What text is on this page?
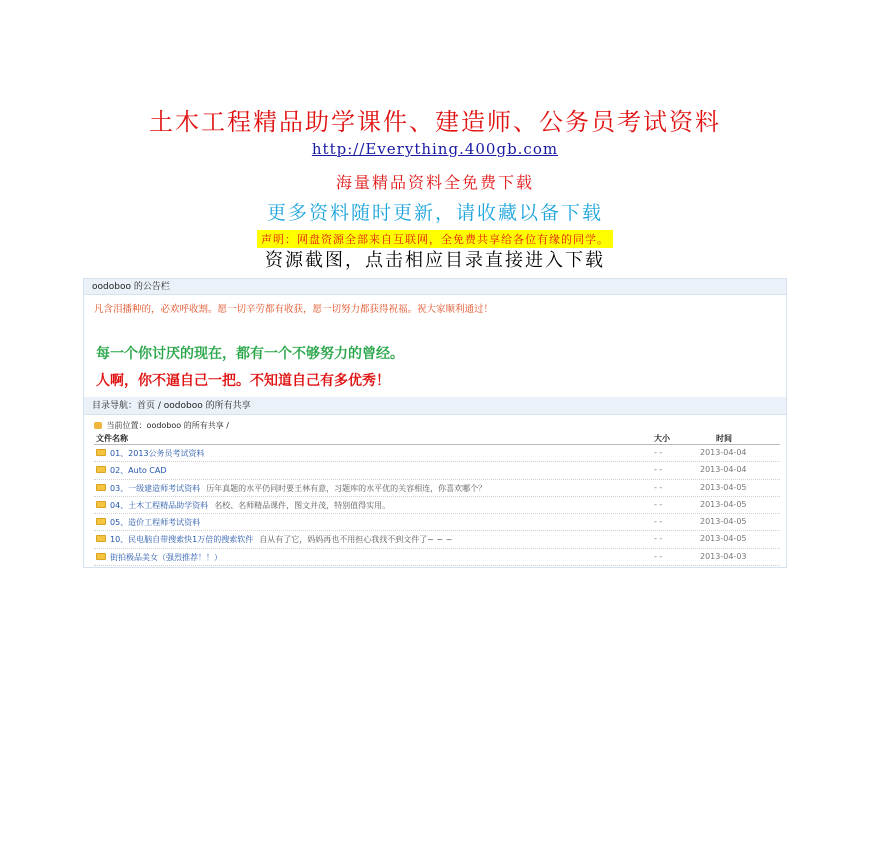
土木工程精品助学课件、建造师、公务员考试资料
http://Everything.400gb.com
海量精品资料全免费下载
更多资料随时更新，请收藏以备下载
声明：网盘资源全部来自互联网，全免费共享给各位有缘的同学。
资源截图，点击相应目录直接进入下载
oodoboo 的公告栏
凡含泪播种的，必欢呼收割。愿一切辛劳都有收获，愿一切努力都获得祝福。祝大家顺利通过！
每一个你讨厌的现在，都有一个不够努力的曾经。
人啊，你不逼自己一把。不知道自己有多优秀！
目录导航：首页 / oodoboo 的所有共享
当前位置：oodoboo 的所有共享 /
文件名称	大小	时间
01、2013公务员考试资料	- -	2013-04-04
02、Auto CAD	- -	2013-04-04
03、一级建造师考试资料 历年真题的水平仍同时要王林有意，习题库的水平优的关容相连，你喜欢哪个？	- -	2013-04-05
04、土木工程精品助学资料 名校、名师精品课件，图文并茂，特别值得实用。	- -	2013-04-05
05、造价工程师考试资料	- -	2013-04-05
10、民电脑自带搜索快1万倍的搜索软件 自从有了它，妈妈再也不用担心我找不到文件了~ ~ ~	- -	2013-04-05
街拍极品美女（强烈推荐！！）	- -	2013-04-03
